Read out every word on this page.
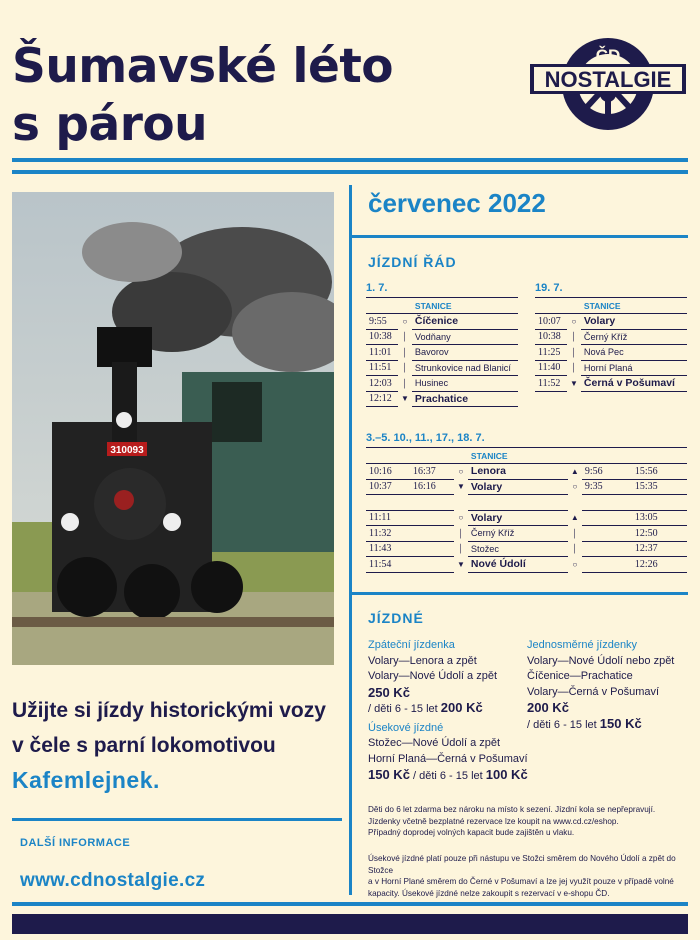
Šumavské léto
s párou
NOSTALGIE
ČD
310093
Užijte si jízdy historickými vozy
v čele s parní lokomotivou
Kafemlejnek.
DALŠÍ INFORMACE
www.cdnostalgie.cz
červenec 2022
JÍZDNÍ ŘÁD
1. 7.
		STANICE
9:55	○	Číčenice
10:38	│	Vodňany
11:01	│	Bavorov
11:51	│	Strunkovice nad Blanicí
12:03	│	Husinec
12:12	▼	Prachatice
19. 7.
		STANICE
10:07	○	Volary
10:38	│	Černý Kříž
11:25	│	Nová Pec
11:40	│	Horní Planá
11:52	▼	Černá v Pošumaví
3.–5. 10., 11., 17., 18. 7.
			STANICE			
10:16	16:37	○	Lenora	▲	9:56	15:56
10:37	16:16	▼	Volary	○	9:35	15:35

11:11		○	Volary	▲		13:05
11:32		│	Černý Kříž	│		12:50
11:43		│	Stožec	│		12:37
11:54		▼	Nové Údolí	○		12:26
JÍZDNÉ
Zpáteční jízdenka
Volary—Lenora a zpět
Volary—Nové Údolí a zpět
250 Kč
/ děti 6 - 15 let 200 Kč
Úsekové jízdné
Stožec—Nové Údolí a zpět
Horní Planá—Černá v Pošumaví
150 Kč / děti 6 - 15 let 100 Kč
Jednosměrné jízdenky
Volary—Nové Údolí nebo zpět
Číčenice—Prachatice
Volary—Černá v Pošumaví
200 Kč
/ děti 6 - 15 let 150 Kč
Děti do 6 let zdarma bez nároku na místo k sezení. Jízdní kola se nepřepravují.
Jízdenky včetně bezplatné rezervace lze koupit na www.cd.cz/eshop.
Případný doprodej volných kapacit bude zajištěn u vlaku.
Úsekové jízdné platí pouze při nástupu ve Stožci směrem do Nového Údolí a zpět do Stožce
a v Horní Plané směrem do Černé v Pošumaví a lze jej využít pouze v případě volné
kapacity. Úsekové jízdné nelze zakoupit s rezervací v e-shopu ČD.
